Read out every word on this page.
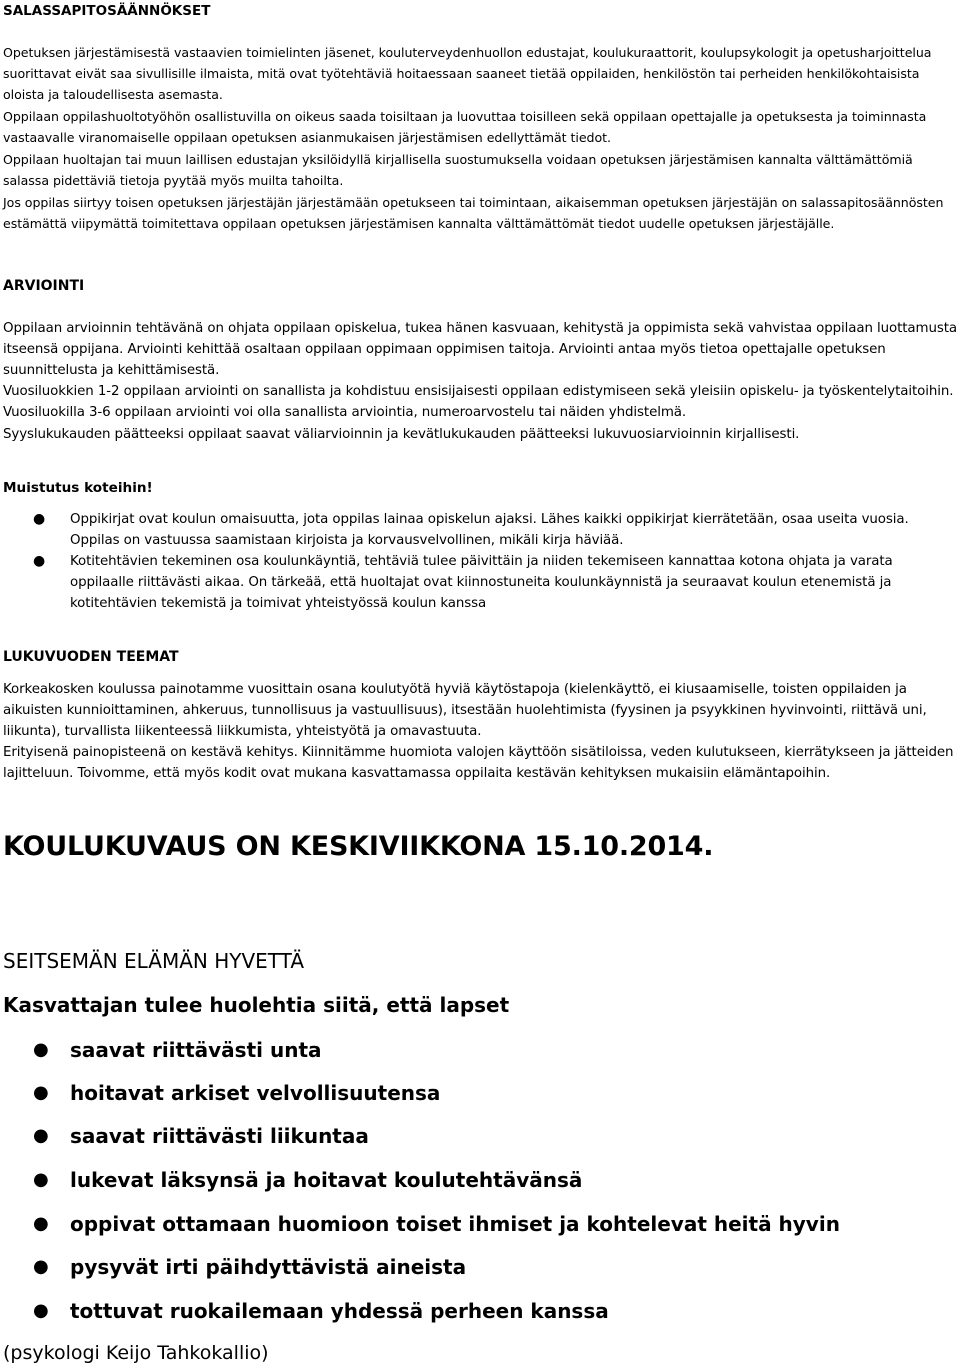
SALASSAPITOSÄÄNNÖKSET

Opetuksen järjestämisestä vastaavien toimielinten jäsenet, kouluterveydenhuollon edustajat, koulukuraattorit, koulupsykologit ja opetusharjoittelua suorittavat eivät saa sivullisille ilmaista, mitä ovat työtehtäviä hoitaessaan saaneet tietää oppilaiden, henkilöstön tai perheiden henkilökohtaisista oloista ja taloudellisesta asemasta.

Oppilaan oppilashuoltotyöhön osallistuvilla on oikeus saada toisiltaan ja luovuttaa toisilleen sekä oppilaan opettajalle ja opetuksesta ja toiminnasta vastaavalle viranomaiselle oppilaan opetuksen asianmukaisen järjestämisen edellyttämät tiedot.

Oppilaan huoltajan tai muun laillisen edustajan yksilöidyllä kirjallisella suostumuksella voidaan opetuksen järjestämisen kannalta välttämättömiä salassa pidettäviä tietoja pyytää myös muilta tahoilta.

Jos oppilas siirtyy toisen opetuksen järjestäjän järjestämään opetukseen tai toimintaan, aikaisemman opetuksen järjestäjän on salassapitosäännösten estämättä viipymättä toimitettava oppilaan opetuksen järjestämisen kannalta välttämättömät tiedot uudelle opetuksen järjestäjälle.

ARVIOINTI

Oppilaan arvioinnin tehtävänä on ohjata oppilaan opiskelua, tukea hänen kasvuaan, kehitystä ja oppimista sekä vahvistaa oppilaan luottamusta itseensä oppijana. Arviointi kehittää osaltaan oppilaan oppimaan oppimisen taitoja. Arviointi antaa myös tietoa opettajalle opetuksen suunnittelusta ja kehittämisestä.

Vuosiluokkien 1-2 oppilaan arviointi on sanallista ja kohdistuu ensisijaisesti oppilaan edistymiseen sekä yleisiin opiskelu- ja työskentelytaitoihin. Vuosiluokilla 3-6 oppilaan arviointi voi olla sanallista arviointia, numeroarvostelu tai näiden yhdistelmä.

Syyslukukauden päätteeksi oppilaat saavat väliarvioinnin ja kevätlukukauden päätteeksi lukuvuosiarvioinnin kirjallisesti.

Muistutus koteihin!
● Oppikirjat ovat koulun omaisuutta, jota oppilas lainaa opiskelun ajaksi. Lähes kaikki oppikirjat kierrätetään, osaa useita vuosia. Oppilas on vastuussa saamistaan kirjoista ja korvausvelvollinen, mikäli kirja häviää.

● Kotitehtävien tekeminen osa koulunkäyntiä, tehtäviä tulee päivittäin ja niiden tekemiseen kannattaa kotona ohjata ja varata oppilaalle riittävästi aikaa. On tärkeää, että huoltajat ovat kiinnostuneita koulunkäynnistä ja seuraavat koulun etenemistä ja kotitehtävien tekemistä ja toimivat yhteistyössä koulun kanssa

LUKUVUODEN TEEMAT

Korkeakosken koulussa painotamme vuosittain osana koulutyötä hyviä käytöstapoja (kielenkäyttö, ei kiusaamiselle, toisten oppilaiden ja aikuisten kunnioittaminen, ahkeruus, tunnollisuus ja vastuullisuus), itsestään huolehtimista (fyysinen ja psyykkinen hyvinvointi, riittävä uni, liikunta), turvallista liikenteessä liikkumista, yhteistyötä ja omavastuuta.

Erityisenä painopisteenä on kestävä kehitys. Kiinnitämme huomiota valojen käyttöön sisätiloissa, veden kulutukseen, kierrätykseen ja jätteiden lajitteluun. Toivomme, että myös kodit ovat mukana kasvattamassa oppilaita kestävän kehityksen mukaisiin elämäntapoihin.

KOULUKUVAUS ON KESKIVIIKKONA 15.10.2014.
SEITSEMÄN ELÄMÄN HYVETTÄ
Kasvattajan tulee huolehtia siitä, että lapset
● saavat riittävästi unta
● hoitavat arkiset velvollisuutensa
● saavat riittävästi liikuntaa
● lukevat läksynsä ja hoitavat koulutehtävänsä
● oppivat ottamaan huomioon toiset ihmiset ja kohtelevat heitä hyvin
● pysyvät irti päihdyttävistä aineista
● tottuvat ruokailemaan yhdessä perheen kanssa
(psykologi Keijo Tahkokallio)
